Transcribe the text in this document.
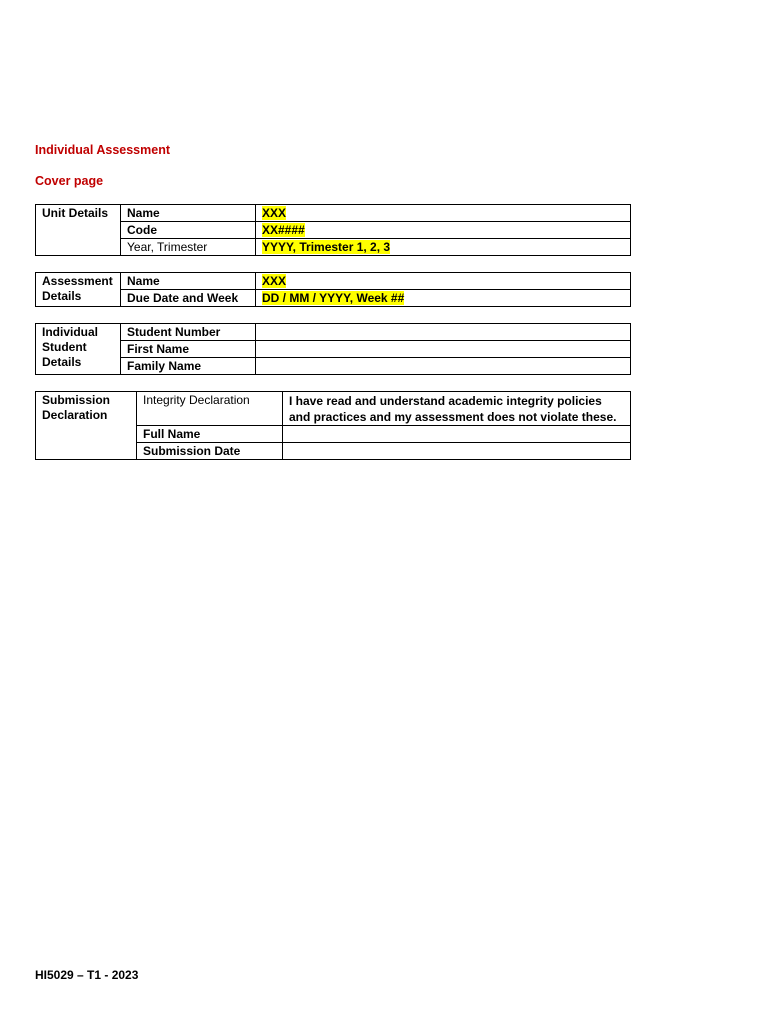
Individual Assessment

Cover page

Unit Details	Name	XXX
	Code	XX####
	Year, Trimester	YYYY, Trimester 1, 2, 3
Assessment Details	Name	XXX
	Due Date and Week	DD / MM / YYYY, Week ##
Individual Student Details	Student Number	
	First Name	
	Family Name	
Submission Declaration	Integrity Declaration	I have read and understand academic integrity policies and practices and my assessment does not violate these.
	Full Name	
	Submission Date	

HI5029 – T1 - 2023
